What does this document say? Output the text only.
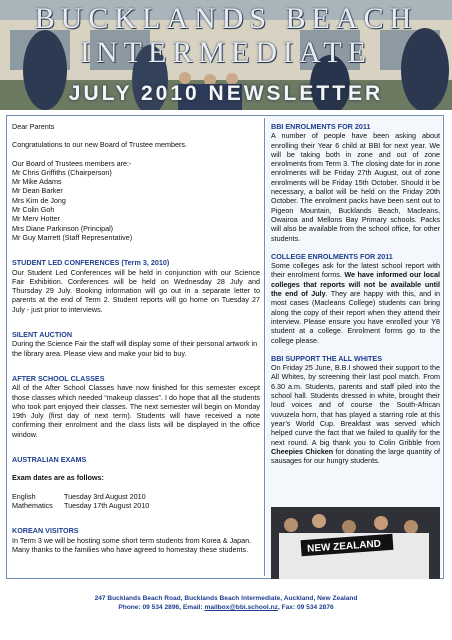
BUCKLANDS BEACH
INTERMEDIATE
JULY 2010 NEWSLETTER

Dear Parents

Congratulations to our new Board of Trustee members.

Our Board of Trustees members are:-

Mr Chris Griffiths (Chairperson)

Mr Mike Adams

Mr Dean Barker

Mrs Kim de Jong

Mr Colin Goh

Mr Merv Hotter

Mrs Diane Parkinson (Principal)

Mr Guy Marrett (Staff Representative)

STUDENT LED CONFERENCES (Term 3, 2010)

Our Student Led Conferences will be held in conjunction with our Science Fair Exhibition. Conferences will be held on Wednesday 28 July and Thursday 29 July. Booking information will go out in a separate letter to parents at the end of Term 2. Student reports will go home on Tuesday 27 July - just prior to interviews.

SILENT AUCTION

During the Science Fair the staff will display some of their personal artwork in the library area. Please view and make your bid to buy.

AFTER SCHOOL CLASSES

All of the After School Classes have now finished for this semester except those classes which needed “makeup classes”. I do hope that all the students who took part enjoyed their classes. The next semester will begin on Monday 19th July (first day of next term). Students will have received a note confirming their enrolment and the class lists will be displayed in the office window.

AUSTRALIAN EXAMS

Exam dates are as follows:

English	Tuesday 3rd August 2010
Mathematics	Tuesday 17th August 2010

KOREAN VISITORS

In Term 3 we will be hosting some short term students from Korea & Japan. Many thanks to the families who have agreed to homestay these students.

BBI ENROLMENTS FOR 2011

A number of people have been asking about enrolling their Year 6 child at BBI for next year. We will be taking both in zone and out of zone enrolments from Term 3. The closing date for in zone enrolments will be Friday 27th August, out of zone enrolments will be Friday 15th October. Should it be necessary, a ballot will be held on the Friday 20th October. The enrolment packs have been sent out to Pigeon Mountain, Bucklands Beach, Macleans, Owairoa and Mellons Bay Primary schools. Packs will also be available from the school office, for other students.

COLLEGE ENROLMENTS FOR 2011

Some colleges ask for the latest school report with their enrolment forms. We have informed our local colleges that reports will not be available until the end of July. They are happy with this, and in most cases (Macleans College) students can bring along the copy of their report when they attend their interview. Please ensure you have enrolled your Y8 student at a college. Enrolment forms go to the college please.

BBI SUPPORT THE ALL WHITES

On Friday 25 June, B.B.I showed their support to the All Whites, by screening their last pool match. From 6.30 a.m. Students, parents and staff piled into the school hall. Students dressed in white, brought their loud voices and of course the South-African vuvuzela horn, that has played a starring role at this year’s World Cup. Breakfast was served which helped curve the fact that we failed to qualify for the next round. A big thank you to Colin Gribble from Cheepies Chicken for donating the large quantity of sausages for our hungry students.

NEW ZEALAND
247 Bucklands Beach Road, Bucklands Beach Intermediate, Auckland, New Zealand
Phone: 09 534 2896, Email: mailbox@bbi.school.nz, Fax: 09 534 2876
